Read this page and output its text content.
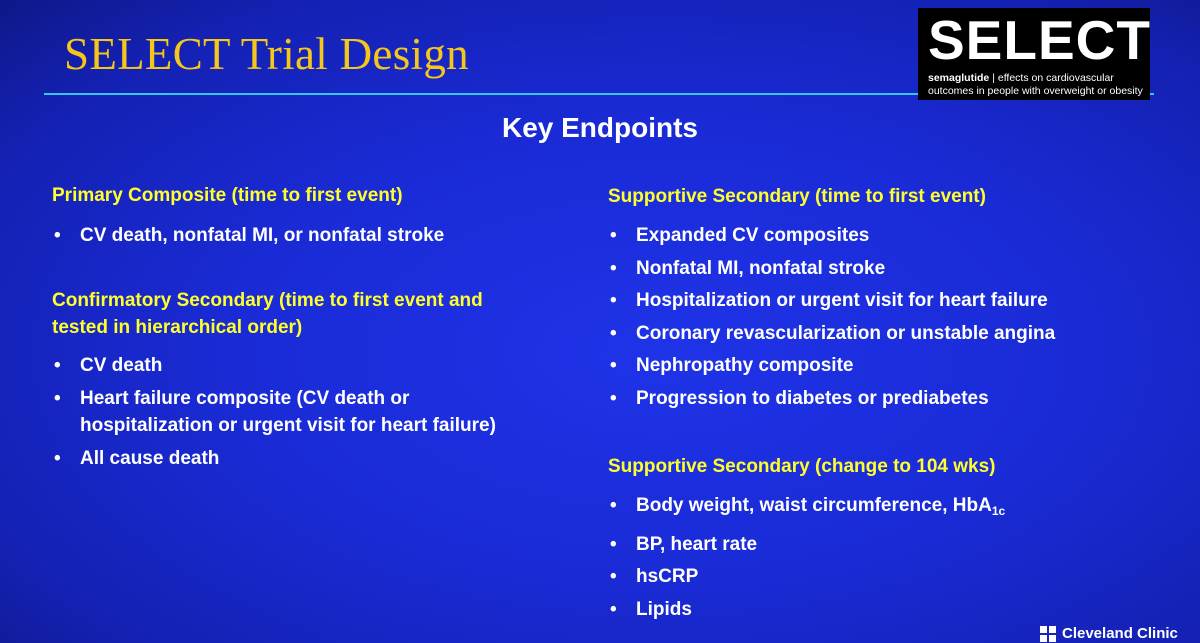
SELECT Trial Design	SELECT
semaglutide | effects on cardiovascular
outcomes in people with overweight or obesity
Key Endpoints
Primary Composite (time to first event)
• CV death, nonfatal MI, or nonfatal stroke
Confirmatory Secondary (time to first event and
tested in hierarchical order)
• CV death
• Heart failure composite (CV death or
hospitalization or urgent visit for heart failure)
• All cause death
Supportive Secondary (time to first event)
• Expanded CV composites
• Nonfatal MI, nonfatal stroke
• Hospitalization or urgent visit for heart failure
• Coronary revascularization or unstable angina
• Nephropathy composite
• Progression to diabetes or prediabetes
Supportive Secondary (change to 104 wks)
• Body weight, waist circumference, HbA$_{1c}$
• BP, heart rate
• hsCRP
• Lipids
Cleveland Clinic
